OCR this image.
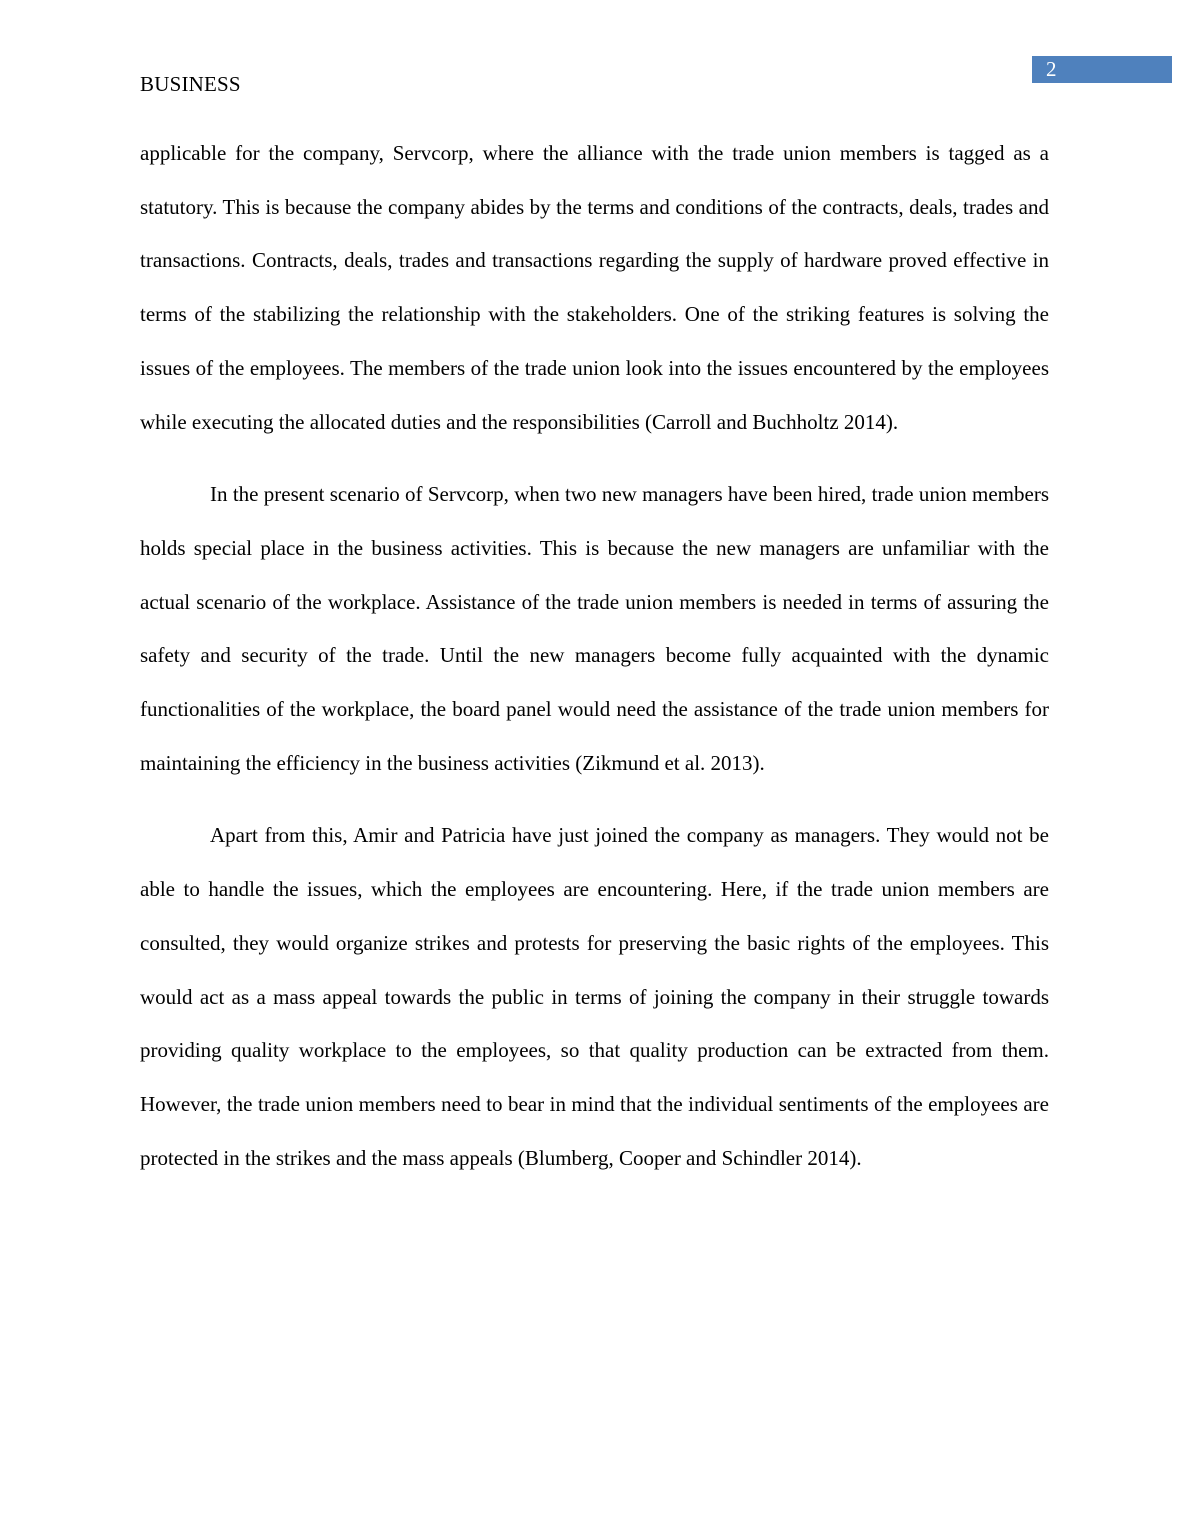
BUSINESS
2

applicable for the company, Servcorp, where the alliance with the trade union members is tagged as a statutory. This is because the company abides by the terms and conditions of the contracts, deals, trades and transactions. Contracts, deals, trades and transactions regarding the supply of hardware proved effective in terms of the stabilizing the relationship with the stakeholders. One of the striking features is solving the issues of the employees. The members of the trade union look into the issues encountered by the employees while executing the allocated duties and the responsibilities (Carroll and Buchholtz 2014).

In the present scenario of Servcorp, when two new managers have been hired, trade union members holds special place in the business activities. This is because the new managers are unfamiliar with the actual scenario of the workplace. Assistance of the trade union members is needed in terms of assuring the safety and security of the trade. Until the new managers become fully acquainted with the dynamic functionalities of the workplace, the board panel would need the assistance of the trade union members for maintaining the efficiency in the business activities (Zikmund et al. 2013).

Apart from this, Amir and Patricia have just joined the company as managers. They would not be able to handle the issues, which the employees are encountering. Here, if the trade union members are consulted, they would organize strikes and protests for preserving the basic rights of the employees. This would act as a mass appeal towards the public in terms of joining the company in their struggle towards providing quality workplace to the employees, so that quality production can be extracted from them. However, the trade union members need to bear in mind that the individual sentiments of the employees are protected in the strikes and the mass appeals (Blumberg, Cooper and Schindler 2014).
